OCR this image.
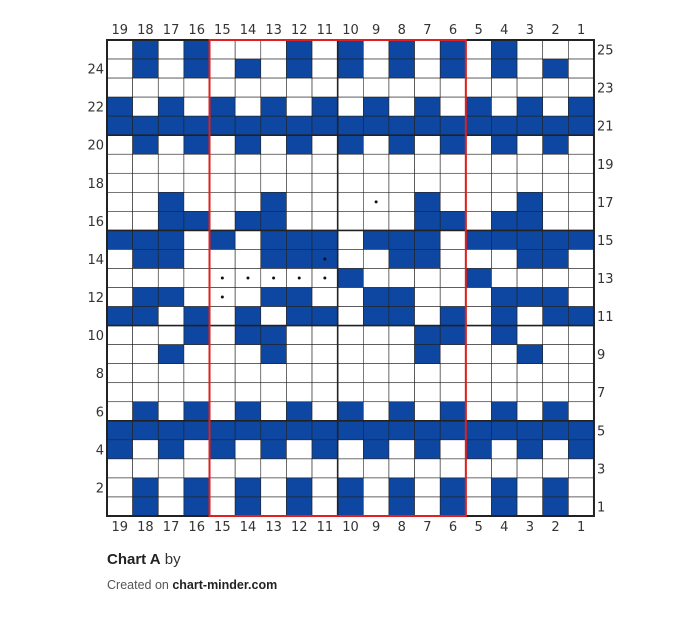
19
19
18
18
17
17
16
16
15
15
14
14
13
13
12
12
11
11
10
10
9
9
8
8
7
7
6
6
5
5
4
4
3
3
2
2
1
1
25
24
23
22
21
20
19
18
17
16
15
14
13
12
11
10
9
8
7
6
5
4
3
2
1
Chart A by
Created on chart-minder.com
